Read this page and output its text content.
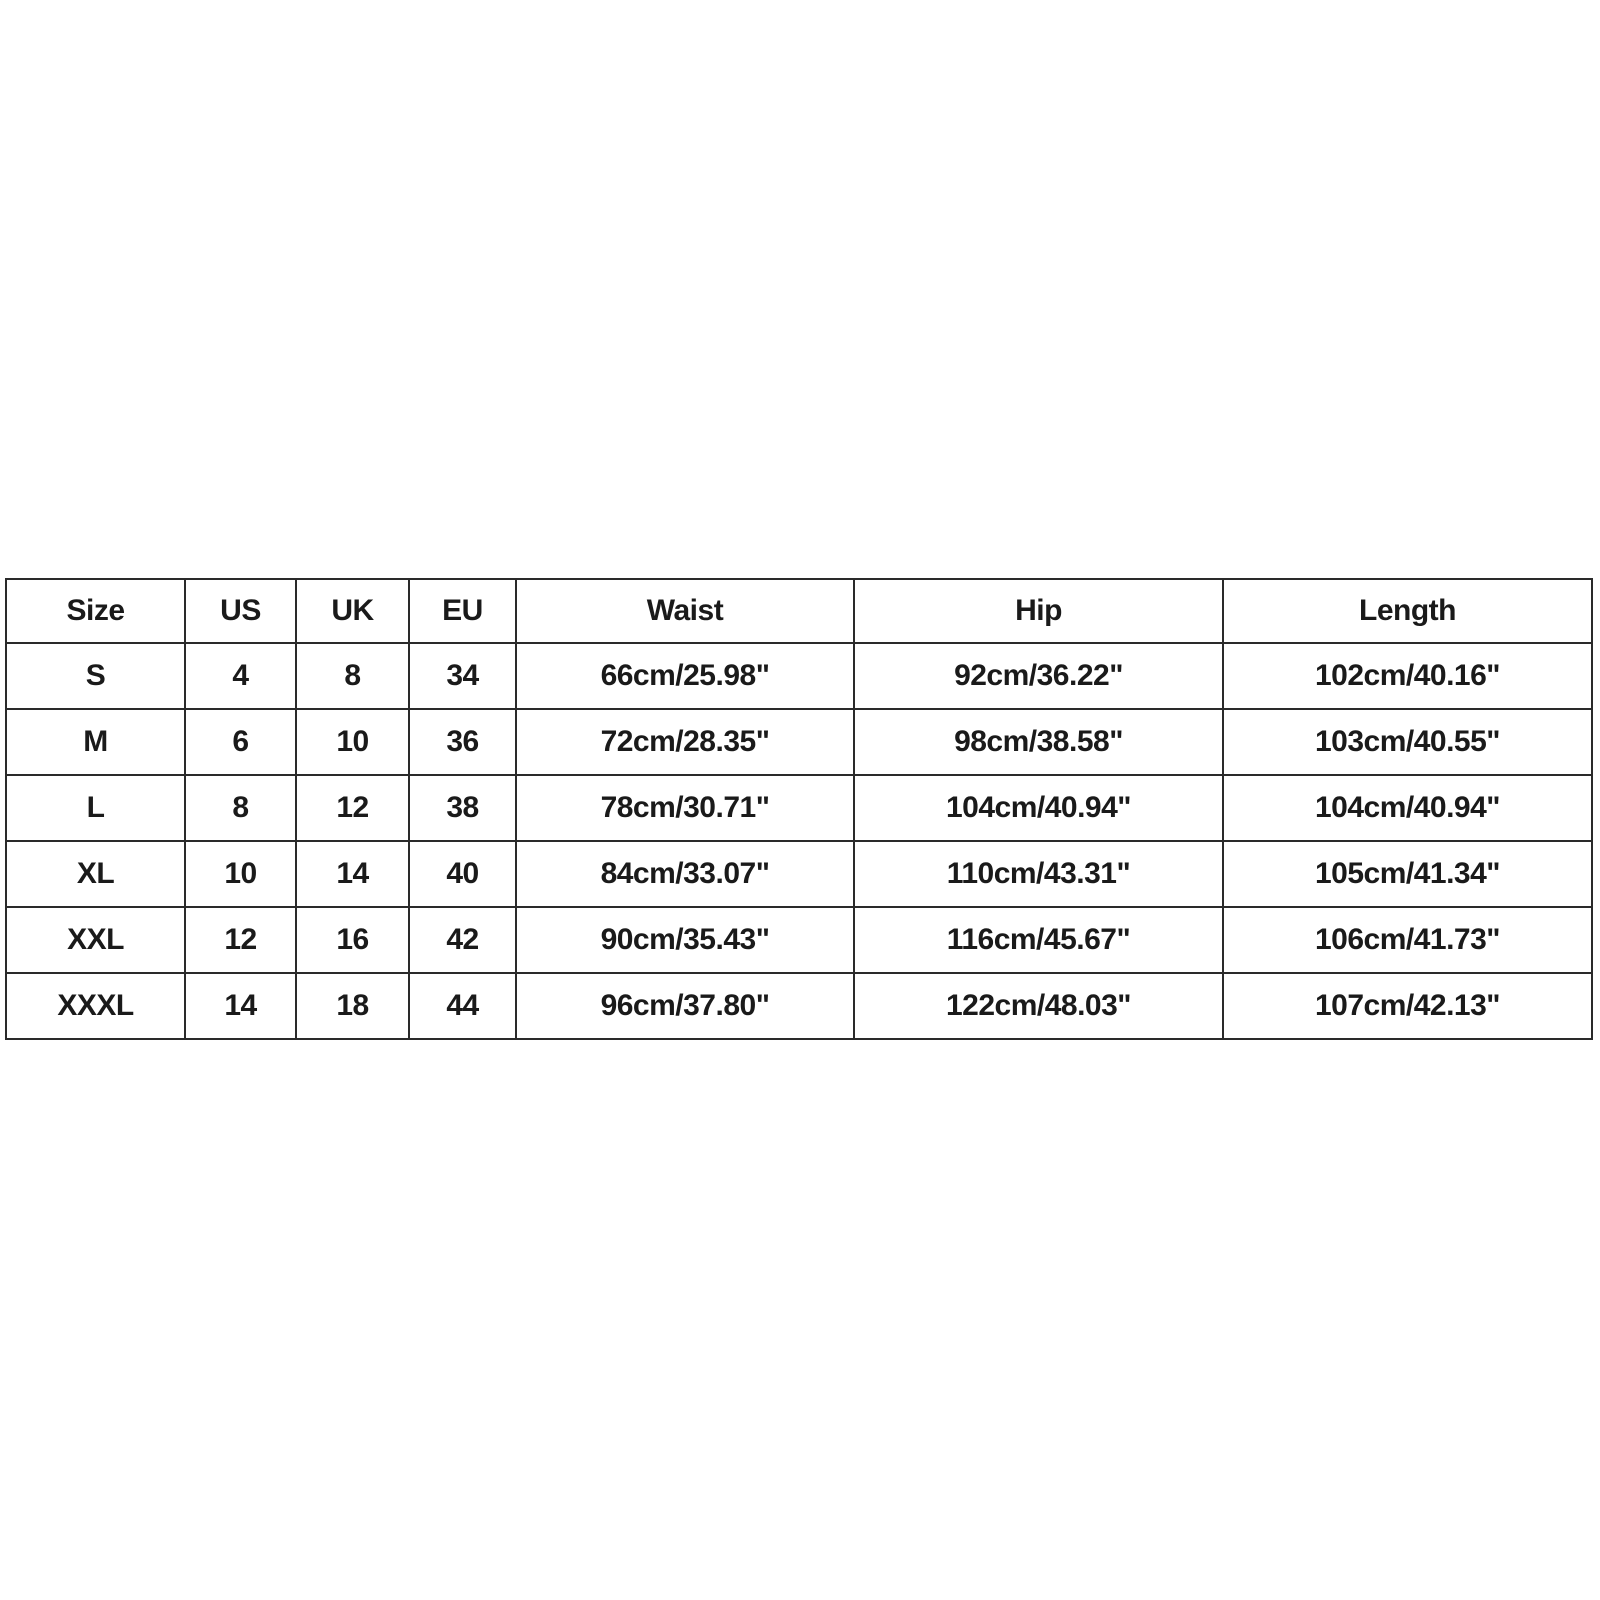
Size	US	UK	EU	Waist	Hip	Length
S	4	8	34	66cm/25.98"	92cm/36.22"	102cm/40.16"
M	6	10	36	72cm/28.35"	98cm/38.58"	103cm/40.55"
L	8	12	38	78cm/30.71"	104cm/40.94"	104cm/40.94"
XL	10	14	40	84cm/33.07"	110cm/43.31"	105cm/41.34"
XXL	12	16	42	90cm/35.43"	116cm/45.67"	106cm/41.73"
XXXL	14	18	44	96cm/37.80"	122cm/48.03"	107cm/42.13"
